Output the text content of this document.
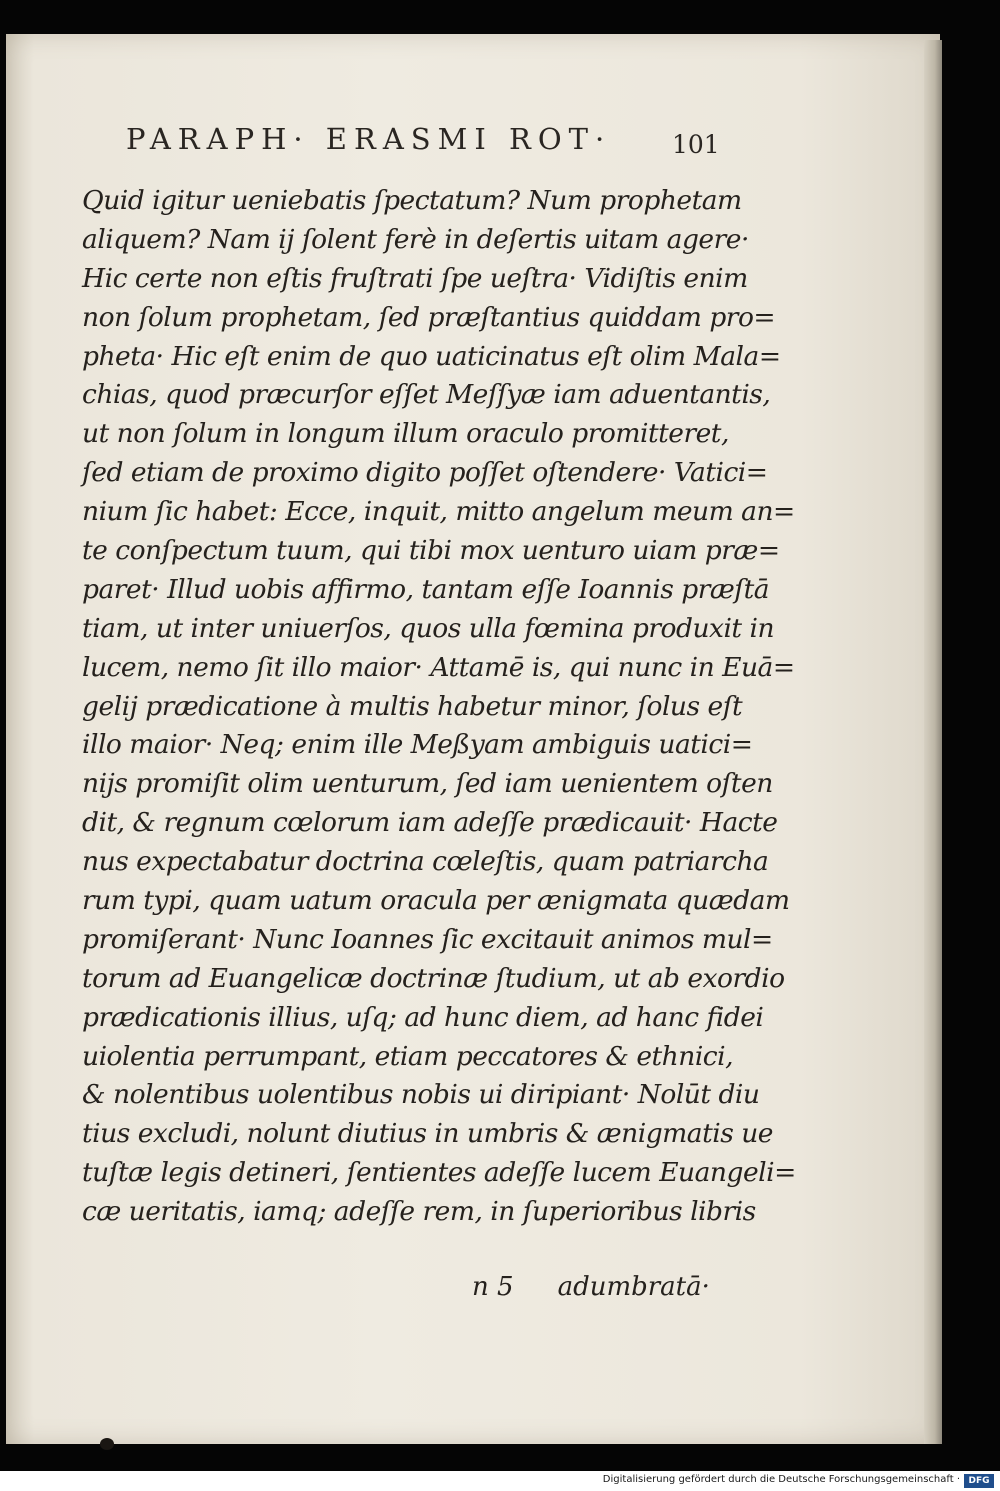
PARAPH· ERASMI ROT· 101
Quid igitur ueniebatis ſpectatum? Num prophetam
aliquem? Nam ij ſolent ferè in deſertis uitam agere·
Hic certe non eſtis fruſtrati ſpe ueſtra· Vidiſtis enim
non ſolum prophetam, ſed præſtantius quiddam pro=
pheta· Hic eſt enim de quo uaticinatus eſt olim Mala=
chias, quod præcurſor eſſet Meſſyæ iam aduentantis,
ut non ſolum in longum illum oraculo promitteret,
ſed etiam de proximo digito poſſet oſtendere· Vatici=
nium ſic habet: Ecce, inquit, mitto angelum meum an=
te conſpectum tuum, qui tibi mox uenturo uiam præ=
paret· Illud uobis affirmo, tantam eſſe Ioannis præſtā
tiam, ut inter uniuerſos, quos ulla fœmina produxit in
lucem, nemo ſit illo maior· Attamē is, qui nunc in Euā=
gelij prædicatione à multis habetur minor, ſolus eſt
illo maior· Neq; enim ille Meßyam ambiguis uatici=
nijs promiſit olim uenturum, ſed iam uenientem oſten
dit, & regnum cœlorum iam adeſſe prædicauit· Hacte
nus expectabatur doctrina cœleſtis, quam patriarcha
rum typi, quam uatum oracula per ænigmata quædam
promiſerant· Nunc Ioannes ſic excitauit animos mul=
torum ad Euangelicæ doctrinæ ſtudium, ut ab exordio
prædicationis illius, uſq; ad hunc diem, ad hanc fidei
uiolentia perrumpant, etiam peccatores & ethnici,
& nolentibus uolentibus nobis ui diripiant· Nolūt diu
tius excludi, nolunt diutius in umbris & ænigmatis ue
tuſtæ legis detineri, ſentientes adeſſe lucem Euangeli=
cæ ueritatis, iamq; adeſſe rem, in ſuperioribus libris
n 5 adumbratā·
Digitalisierung gefördert durch die Deutsche Forschungsgemeinschaft · DFG
